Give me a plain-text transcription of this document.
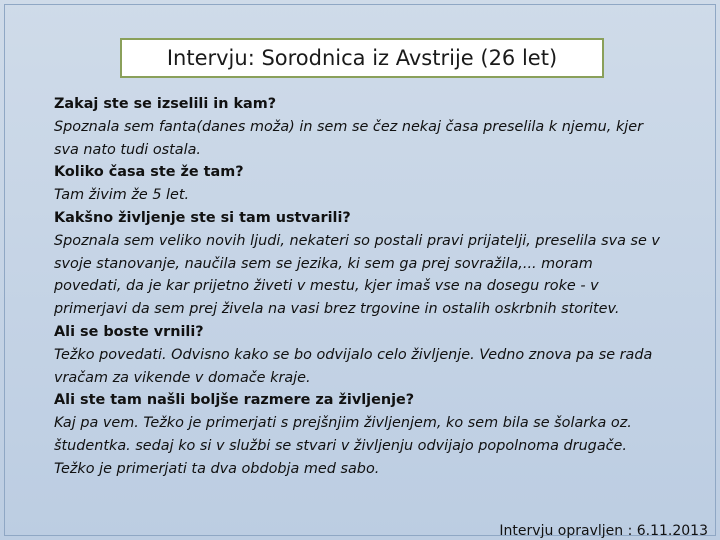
Intervju: Sorodnica iz Avstrije (26 let)
Zakaj ste se izselili in kam?
Spoznala sem fanta(danes moža) in sem se čez nekaj časa preselila k njemu, kjer sva nato tudi ostala.
Koliko časa ste že tam?
Tam živim že 5 let.
Kakšno življenje ste si tam ustvarili?
Spoznala sem veliko novih ljudi, nekateri so postali pravi prijatelji, preselila sva se v svoje stanovanje, naučila sem se jezika, ki sem ga prej sovražila,... moram povedati, da je kar prijetno živeti v mestu, kjer imaš vse na dosegu roke - v primerjavi da sem prej živela na vasi brez trgovine in ostalih oskrbnih storitev.
Ali se boste vrnili?
Težko povedati. Odvisno kako se bo odvijalo celo življenje. Vedno znova pa se rada vračam za vikende v domače kraje.
Ali ste tam našli boljše razmere za življenje?
Kaj pa vem. Težko je primerjati s prejšnjim življenjem, ko sem bila se šolarka oz. študentka. sedaj ko si v službi se stvari v življenju odvijajo popolnoma drugače. Težko je primerjati ta dva obdobja med sabo.
Intervju opravljen : 6.11.2013
